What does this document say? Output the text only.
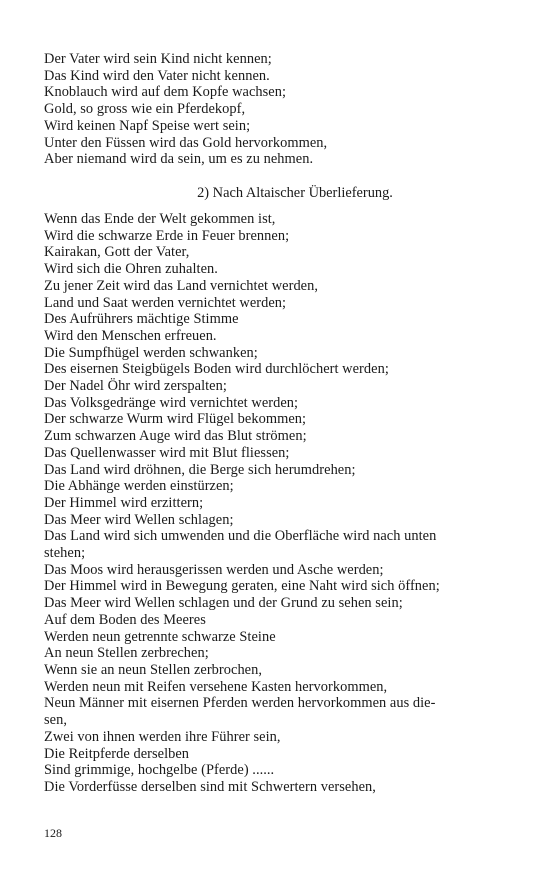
Der Vater wird sein Kind nicht kennen;
Das Kind wird den Vater nicht kennen.
Knoblauch wird auf dem Kopfe wachsen;
Gold, so gross wie ein Pferdekopf,
Wird keinen Napf Speise wert sein;
Unter den Füssen wird das Gold hervorkommen,
Aber niemand wird da sein, um es zu nehmen.
2) Nach Altaischer Überlieferung.
Wenn das Ende der Welt gekommen ist,
Wird die schwarze Erde in Feuer brennen;
Kairakan, Gott der Vater,
Wird sich die Ohren zuhalten.
Zu jener Zeit wird das Land vernichtet werden,
Land und Saat werden vernichtet werden;
Des Aufrührers mächtige Stimme
Wird den Menschen erfreuen.
Die Sumpfhügel werden schwanken;
Des eisernen Steigbügels Boden wird durchlöchert werden;
Der Nadel Öhr wird zerspalten;
Das Volksgedränge wird vernichtet werden;
Der schwarze Wurm wird Flügel bekommen;
Zum schwarzen Auge wird das Blut strömen;
Das Quellenwasser wird mit Blut fliessen;
Das Land wird dröhnen, die Berge sich herumdrehen;
Die Abhänge werden einstürzen;
Der Himmel wird erzittern;
Das Meer wird Wellen schlagen;
Das Land wird sich umwenden und die Oberfläche wird nach unten
stehen;
Das Moos wird herausgerissen werden und Asche werden;
Der Himmel wird in Bewegung geraten, eine Naht wird sich öffnen;
Das Meer wird Wellen schlagen und der Grund zu sehen sein;
Auf dem Boden des Meeres
Werden neun getrennte schwarze Steine
An neun Stellen zerbrechen;
Wenn sie an neun Stellen zerbrochen,
Werden neun mit Reifen versehene Kasten hervorkommen,
Neun Männer mit eisernen Pferden werden hervorkommen aus die-
sen,
Zwei von ihnen werden ihre Führer sein,
Die Reitpferde derselben
Sind grimmige, hochgelbe (Pferde) ......
Die Vorderfüsse derselben sind mit Schwertern versehen,
128
